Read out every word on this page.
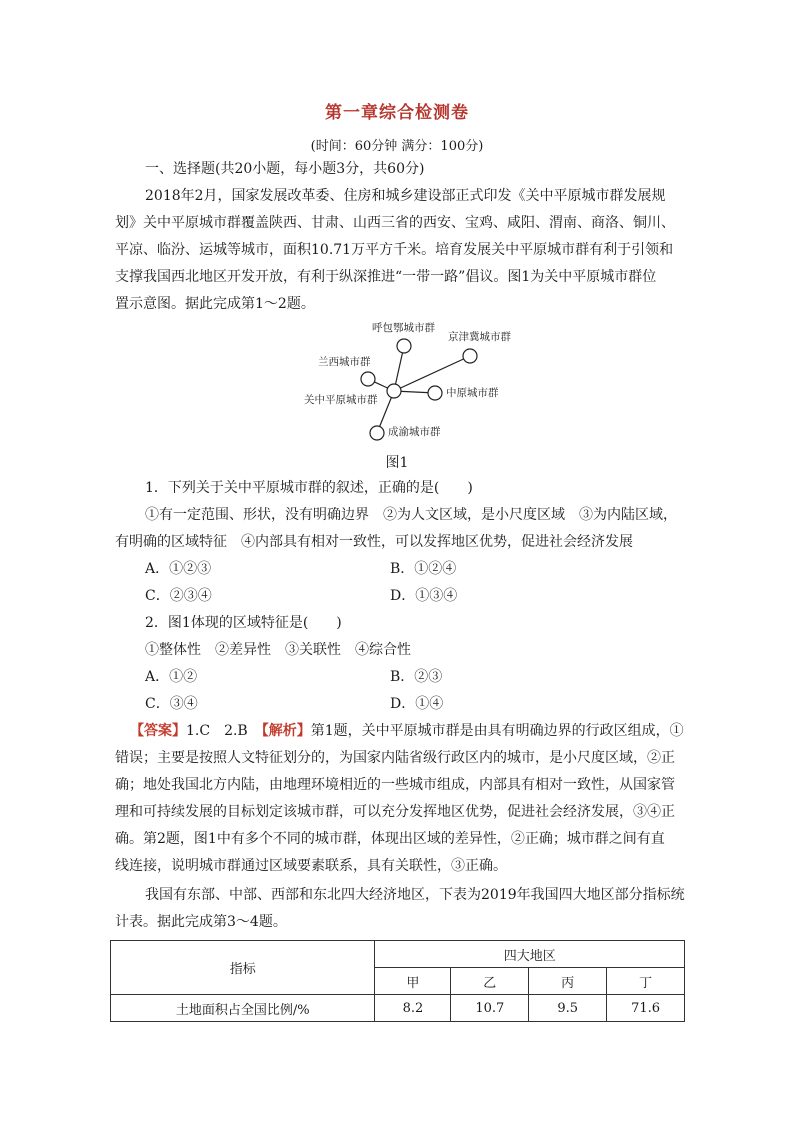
第一章综合检测卷
(时间：60分钟 满分：100分)
一、选择题(共20小题，每小题3分，共60分)
2018年2月，国家发展改革委、住房和城乡建设部正式印发《关中平原城市群发展规
划》关中平原城市群覆盖陕西、甘肃、山西三省的西安、宝鸡、咸阳、渭南、商洛、铜川、
平凉、临汾、运城等城市，面积10.71万平方千米。培育发展关中平原城市群有利于引领和
支撑我国西北地区开发开放，有利于纵深推进“一带一路”倡议。图1为关中平原城市群位
置示意图。据此完成第1～2题。
呼包鄂城市群
京津冀城市群
兰西城市群
中原城市群
关中平原城市群
成渝城市群
图1
1．下列关于关中平原城市群的叙述，正确的是(　　)
①有一定范围、形状，没有明确边界　②为人文区域，是小尺度区域　③为内陆区域，
有明确的区域特征　④内部具有相对一致性，可以发挥地区优势，促进社会经济发展
A．①②③	B．①②④
C．②③④	D．①③④
2．图1体现的区域特征是(　　)
①整体性　②差异性　③关联性　④综合性
A．①②	B．②③
C．③④	D．①④
【答案】1.C　2.B　【解析】第1题，关中平原城市群是由具有明确边界的行政区组成，①
错误；主要是按照人文特征划分的，为国家内陆省级行政区内的城市，是小尺度区域，②正
确；地处我国北方内陆，由地理环境相近的一些城市组成，内部具有相对一致性，从国家管
理和可持续发展的目标划定该城市群，可以充分发挥地区优势，促进社会经济发展，③④正
确。第2题，图1中有多个不同的城市群，体现出区域的差异性，②正确；城市群之间有直
线连接，说明城市群通过区域要素联系，具有关联性，③正确。
我国有东部、中部、西部和东北四大经济地区，下表为2019年我国四大地区部分指标统
计表。据此完成第3～4题。
指标	四大地区			
	甲	乙	丙	丁
土地面积占全国比例/%	8.2	10.7	9.5	71.6
